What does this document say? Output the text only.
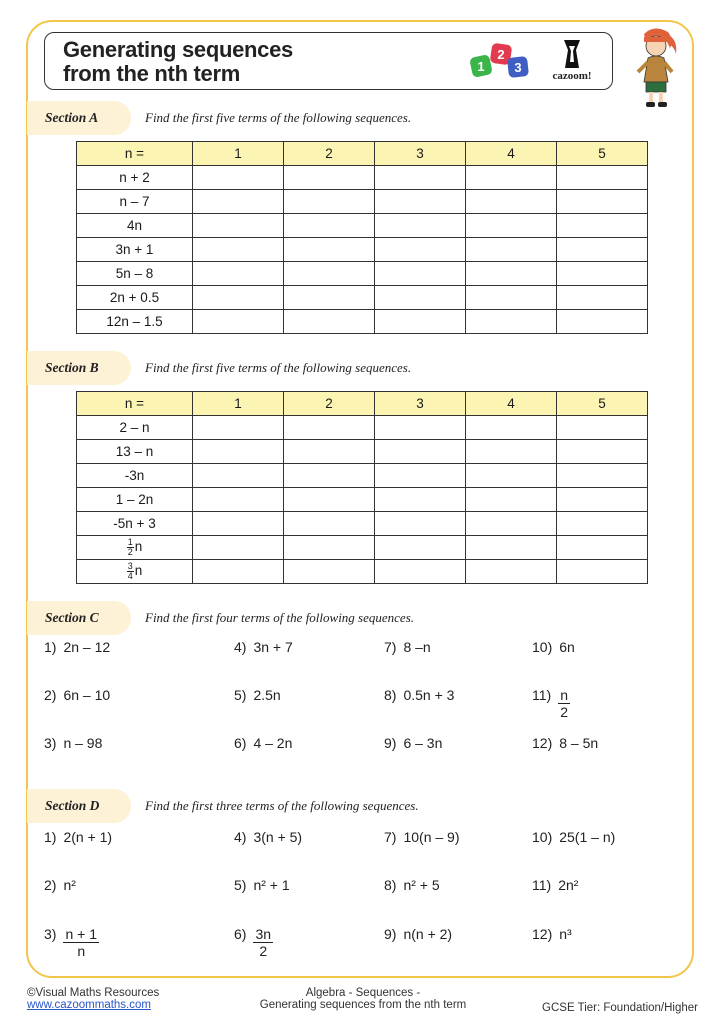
Generating sequences
from the nth term	1
2
3
cazoom!
Section A	Find the first five terms of the following sequences.
n =	1	2	3	4	5
n + 2					
n – 7					
4n					
3n + 1					
5n – 8					
2n + 0.5					
12n – 1.5					
Section B	Find the first five terms of the following sequences.
n =	1	2	3	4	5
2 – n					
13 – n					
-3n					
1 – 2n					
-5n + 3					

$\frac{1}{2}$ n					

$\frac{3}{4}$ n					
Section C	Find the first four terms of the following sequences.
1) 2n – 12	4) 3n + 7	7) 8 –n	10) 6n
2) 6n – 10	5) 2.5n	8) 0.5n + 3	$11) \frac{n}{2}$
3) n – 98	6) 4 – 2n	9) 6 – 3n	12) 8 – 5n
Section D	Find the first three terms of the following sequences.
1) 2(n + 1)	4) 3(n + 5)	7) 10(n – 9)	10) 25(1 – n)
2) n²	5) n² + 1	8) n² + 5	11) 2n²
$3) \frac{n + 1}{n}$	$6) \frac{3n}{2}$	9) n(n + 2)	12) n³
©Visual Maths Resources
www.cazoommaths.com
Algebra - Sequences -
Generating sequences from the nth term	GCSE Tier: Foundation/Higher
